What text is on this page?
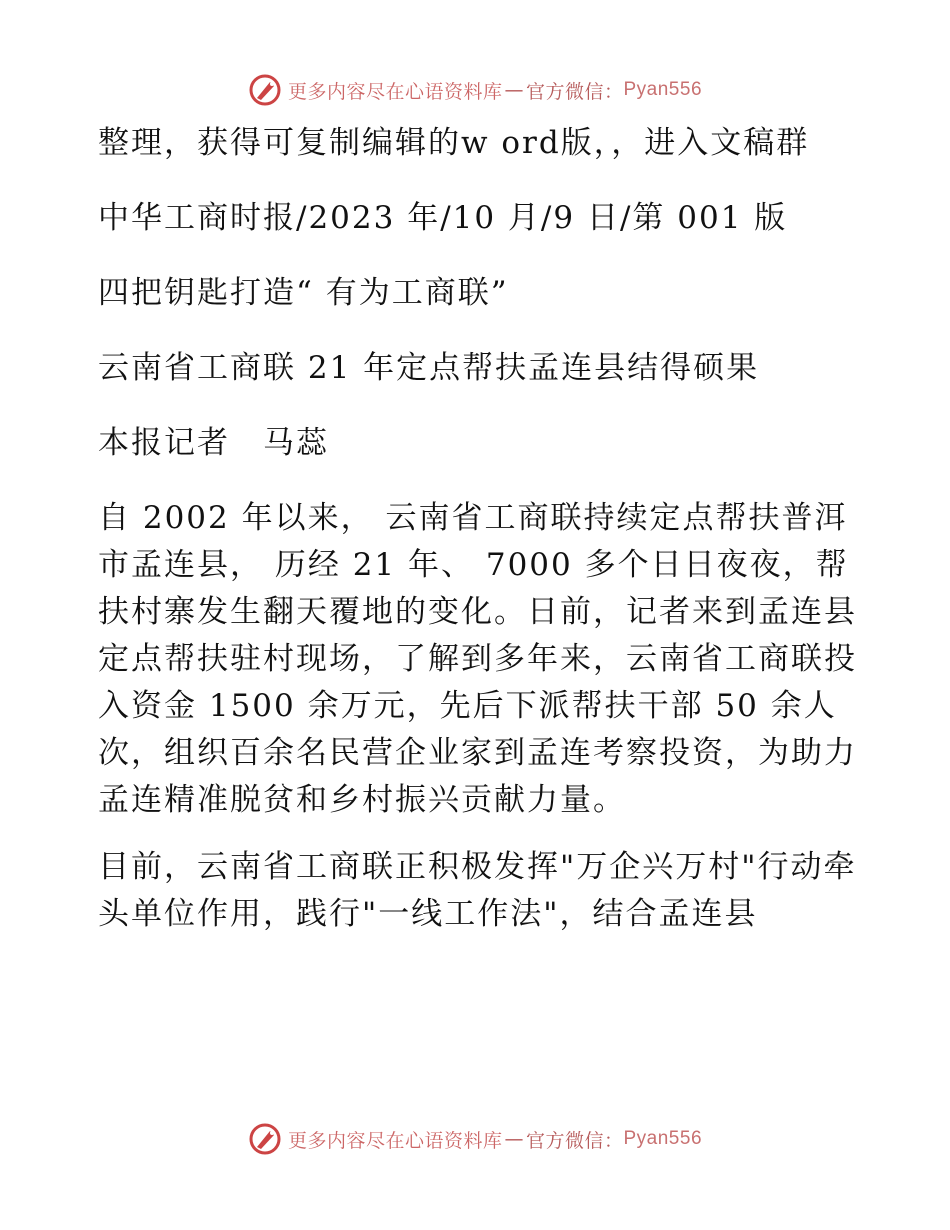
更多内容尽在心语资料库 — 官方微信： Pyan556

整理，获得可复制编辑的w ord版，，进入文稿群

中华工商时报/2023 年/10 月/9 日/第 001 版

四把钥匙打造“ 有为工商联”

云南省工商联 21 年定点帮扶孟连县结得硕果

本报记者　马蕊

自 2002 年以来， 云南省工商联持续定点帮扶普洱市孟连县， 历经 21 年、 7000 多个日日夜夜，帮扶村寨发生翻天覆地的变化。日前，记者来到孟连县定点帮扶驻村现场，了解到多年来，云南省工商联投入资金 1500 余万元，先后下派帮扶干部 50 余人次，组织百余名民营企业家到孟连考察投资，为助力孟连精准脱贫和乡村振兴贡献力量。

目前，云南省工商联正积极发挥"万企兴万村"行动牵头单位作用，践行"一线工作法"，结合孟连县

更多内容尽在心语资料库 — 官方微信： Pyan556
